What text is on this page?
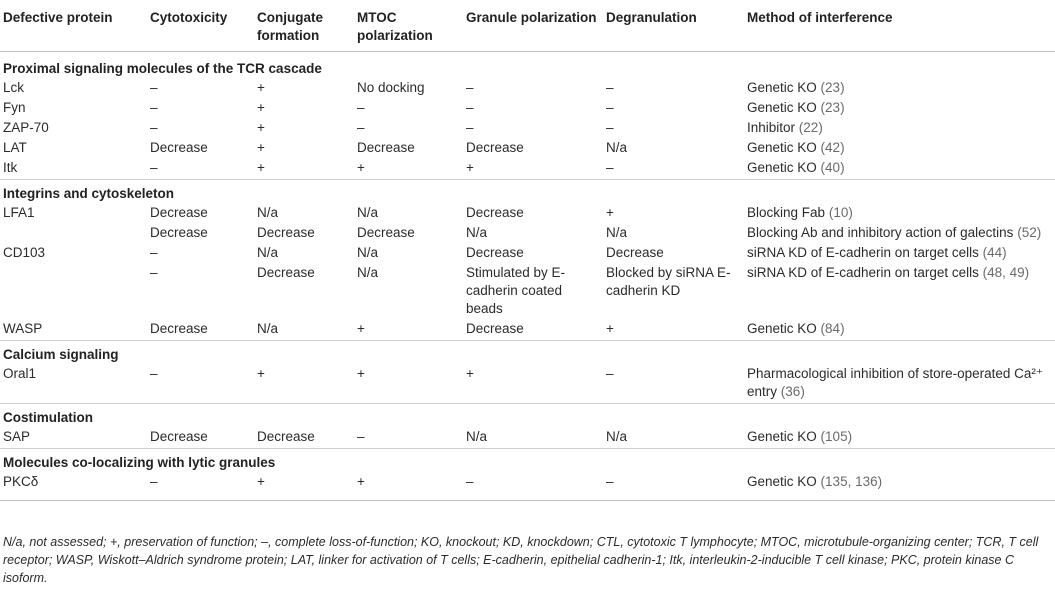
Defective protein	Cytotoxicity	Conjugate formation	MTOC polarization	Granule polarization	Degranulation	Method of interference
Proximal signaling molecules of the TCR cascade						
Lck	–	+	No docking	–	–	Genetic KO (23)
Fyn	–	+	–	–	–	Genetic KO (23)
ZAP-70	–	+	–	–	–	Inhibitor (22)
LAT	Decrease	+	Decrease	Decrease	N/a	Genetic KO (42)
Itk	–	+	+	+	–	Genetic KO (40)
Integrins and cytoskeleton						
LFA1	Decrease	N/a	N/a	Decrease	+	Blocking Fab (10)
	Decrease	Decrease	Decrease	N/a	N/a	Blocking Ab and inhibitory action of galectins (52)
CD103	–	N/a	N/a	Decrease	Decrease	siRNA KD of E-cadherin on target cells (44)
	–	Decrease	N/a	Stimulated by E-cadherin coated beads	Blocked by siRNA E-cadherin KD	siRNA KD of E-cadherin on target cells (48, 49)
WASP	Decrease	N/a	+	Decrease	+	Genetic KO (84)
Calcium signaling						
Oral1	–	+	+	+	–	Pharmacological inhibition of store-operated Ca²⁺ entry (36)
Costimulation						
SAP	Decrease	Decrease	–	N/a	N/a	Genetic KO (105)
Molecules co-localizing with lytic granules						
PKCδ	–	+	+	–	–	Genetic KO (135, 136)
N/a, not assessed; +, preservation of function; –, complete loss-of-function; KO, knockout; KD, knockdown; CTL, cytotoxic T lymphocyte; MTOC, microtubule-organizing center; TCR, T cell receptor; WASP, Wiskott–Aldrich syndrome protein; LAT, linker for activation of T cells; E-cadherin, epithelial cadherin-1; Itk, interleukin-2-inducible T cell kinase; PKC, protein kinase C isoform.
